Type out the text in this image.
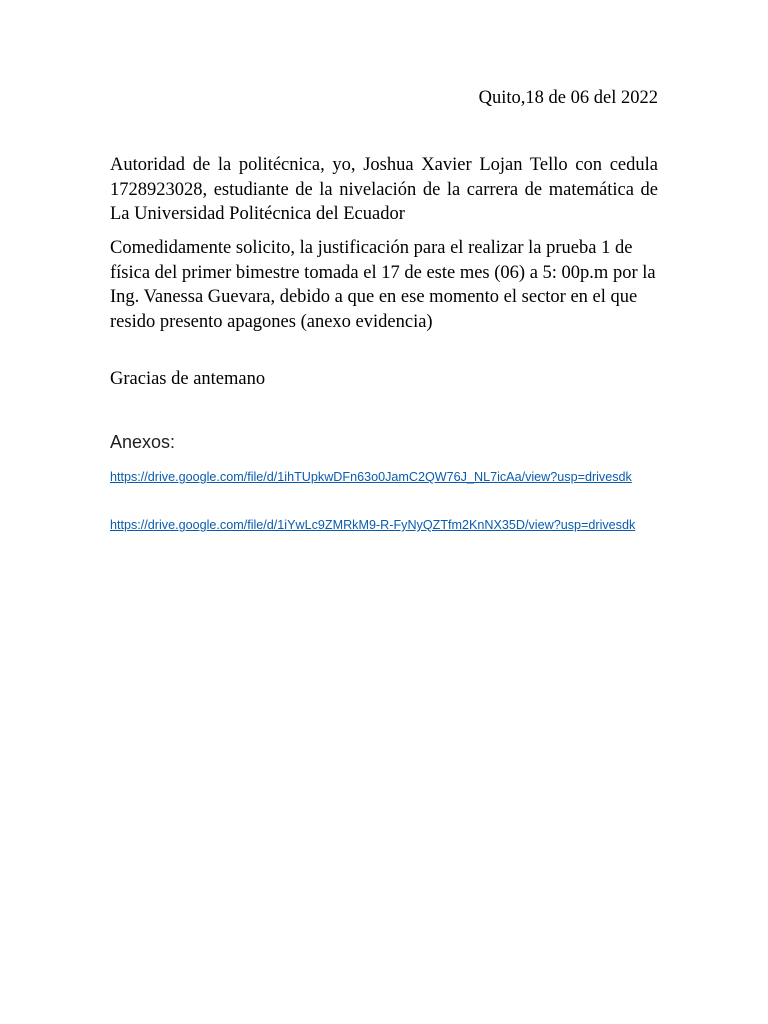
Quito,18 de 06 del 2022

Autoridad de la politécnica, yo, Joshua Xavier Lojan Tello con cedula 1728923028, estudiante de la nivelación de la carrera de matemática de La Universidad Politécnica del Ecuador

Comedidamente solicito, la justificación para el realizar la prueba 1 de física del primer bimestre tomada el 17 de este mes (06) a 5: 00p.m por la Ing. Vanessa Guevara, debido a que en ese momento el sector en el que resido presento apagones (anexo evidencia)

Gracias de antemano

Anexos:
https://drive.google.com/file/d/1ihTUpkwDFn63o0JamC2QW76J_NL7icAa/view?usp=drivesdk
https://drive.google.com/file/d/1iYwLc9ZMRkM9-R-FyNyQZTfm2KnNX35D/view?usp=drivesdk
